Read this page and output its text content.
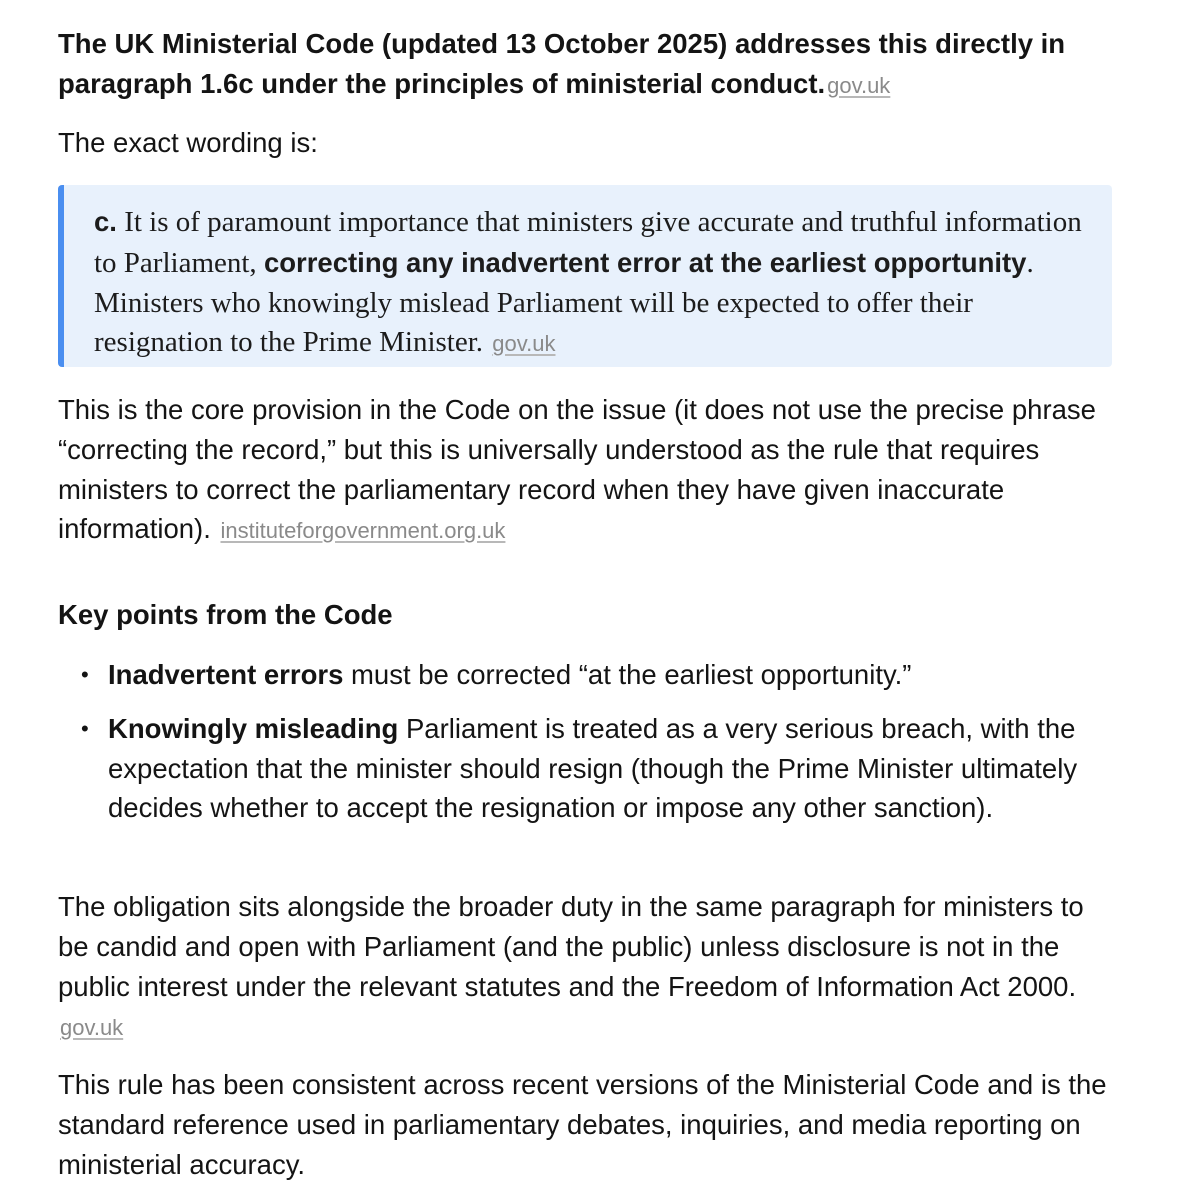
The UK Ministerial Code (updated 13 October 2025) addresses this directly in paragraph 1.6c under the principles of ministerial conduct.gov.uk

The exact wording is:

c. It is of paramount importance that ministers give accurate and truthful information to Parliament, correcting any inadvertent error at the earliest opportunity. Ministers who knowingly mislead Parliament will be expected to offer their resignation to the Prime Minister. gov.uk

This is the core provision in the Code on the issue (it does not use the precise phrase “correcting the record,” but this is universally understood as the rule that requires ministers to correct the parliamentary record when they have given inaccurate information). instituteforgovernment.org.uk

Key points from the Code
• Inadvertent errors must be corrected “at the earliest opportunity.”
• Knowingly misleading Parliament is treated as a very serious breach, with the expectation that the minister should resign (though the Prime Minister ultimately decides whether to accept the resignation or impose any other sanction).

The obligation sits alongside the broader duty in the same paragraph for ministers to be candid and open with Parliament (and the public) unless disclosure is not in the public interest under the relevant statutes and the Freedom of Information Act 2000. gov.uk

This rule has been consistent across recent versions of the Ministerial Code and is the standard reference used in parliamentary debates, inquiries, and media reporting on ministerial accuracy.
